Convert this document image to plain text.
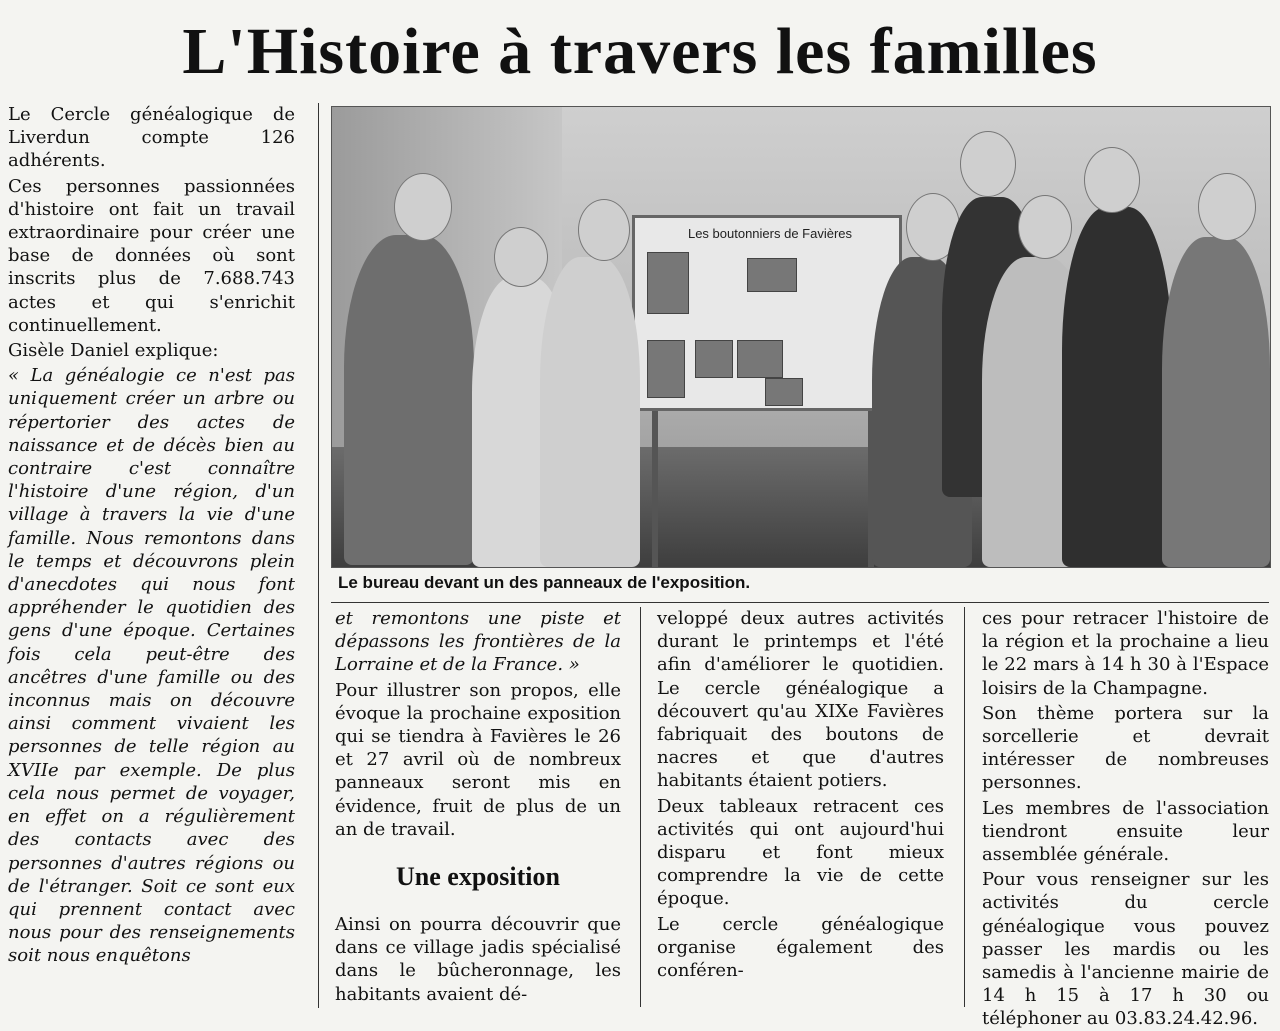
L'Histoire à travers les familles

Le Cercle généalogique de Liverdun compte 126 adhérents.

Ces personnes passionnées d'histoire ont fait un travail extraordinaire pour créer une base de données où sont inscrits plus de 7.688.743 actes et qui s'enrichit continuellement.

Gisèle Daniel explique:

« La généalogie ce n'est pas uniquement créer un arbre ou répertorier des actes de naissance et de décès bien au contraire c'est connaître l'histoire d'une région, d'un village à travers la vie d'une famille. Nous remontons dans le temps et découvrons plein d'anecdotes qui nous font appréhender le quotidien des gens d'une époque. Certaines fois cela peut-être des ancêtres d'une famille ou des inconnus mais on découvre ainsi comment vivaient les personnes de telle région au XVIIe par exemple. De plus cela nous permet de voyager, en effet on a régulièrement des contacts avec des personnes d'autres régions ou de l'étranger. Soit ce sont eux qui prennent contact avec nous pour des renseignements soit nous enquêtons

Les boutonniers de Favières
Le bureau devant un des panneaux de l'exposition.

et remontons une piste et dépassons les frontières de la Lorraine et de la France. »

Pour illustrer son propos, elle évoque la prochaine exposition qui se tiendra à Favières le 26 et 27 avril où de nombreux panneaux seront mis en évidence, fruit de plus de un an de travail.

Une exposition

Ainsi on pourra découvrir que dans ce village jadis spécialisé dans le bûcheronnage, les habitants avaient dé-

veloppé deux autres activités durant le printemps et l'été afin d'améliorer le quotidien. Le cercle généalogique a découvert qu'au XIXe Favières fabriquait des boutons de nacres et que d'autres habitants étaient potiers.

Deux tableaux retracent ces activités qui ont aujourd'hui disparu et font mieux comprendre la vie de cette époque.

Le cercle généalogique organise également des conféren-

ces pour retracer l'histoire de la région et la prochaine a lieu le 22 mars à 14 h 30 à l'Espace loisirs de la Champagne.

Son thème portera sur la sorcellerie et devrait intéresser de nombreuses personnes.

Les membres de l'association tiendront ensuite leur assemblée générale.

Pour vous renseigner sur les activités du cercle généalogique vous pouvez passer les mardis ou les samedis à l'ancienne mairie de 14 h 15 à 17 h 30 ou téléphoner au 03.83.24.42.96.
